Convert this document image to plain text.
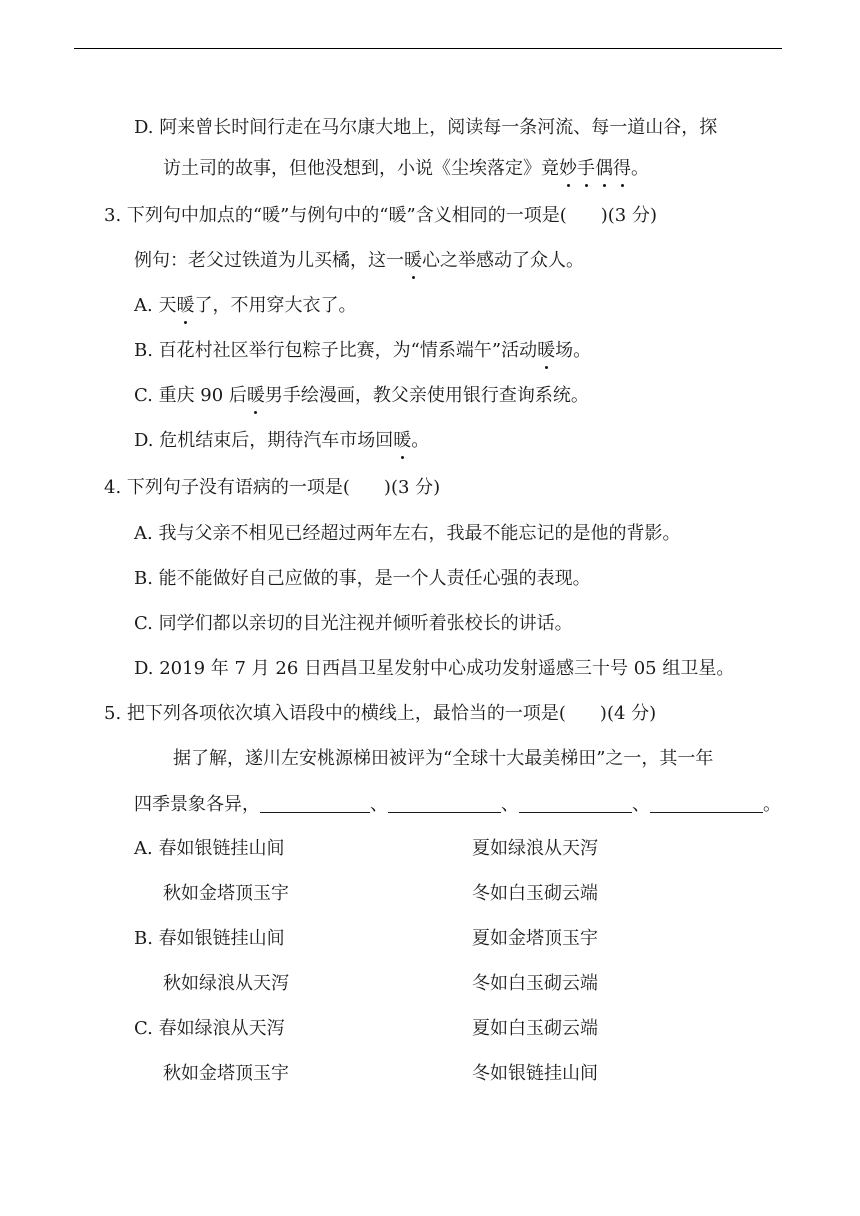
D. 阿来曾长时间行走在马尔康大地上，阅读每一条河流、每一道山谷，探
访土司的故事，但他没想到，小说《尘埃落定》竟妙手偶得。
3. 下列句中加点的“暖”与例句中的“暖”含义相同的一项是( )(3 分)
例句：老父过铁道为儿买橘，这一暖心之举感动了众人。
A. 天暖了，不用穿大衣了。
B. 百花村社区举行包粽子比赛，为“情系端午”活动暖场。
C. 重庆 90 后暖男手绘漫画，教父亲使用银行查询系统。
D. 危机结束后，期待汽车市场回暖。
4. 下列句子没有语病的一项是( )(3 分)
A. 我与父亲不相见已经超过两年左右，我最不能忘记的是他的背影。
B. 能不能做好自己应做的事，是一个人责任心强的表现。
C. 同学们都以亲切的目光注视并倾听着张校长的讲话。
D. 2019 年 7 月 26 日西昌卫星发射中心成功发射遥感三十号 05 组卫星。
5. 把下列各项依次填入语段中的横线上，最恰当的一项是( )(4 分)
据了解，遂川左安桃源梯田被评为“全球十大最美梯田”之一，其一年
四季景象各异，	、	、	、	。
A. 春如银链挂山间	夏如绿浪从天泻
秋如金塔顶玉宇	冬如白玉砌云端
B. 春如银链挂山间	夏如金塔顶玉宇
秋如绿浪从天泻	冬如白玉砌云端
C. 春如绿浪从天泻	夏如白玉砌云端
秋如金塔顶玉宇	冬如银链挂山间
